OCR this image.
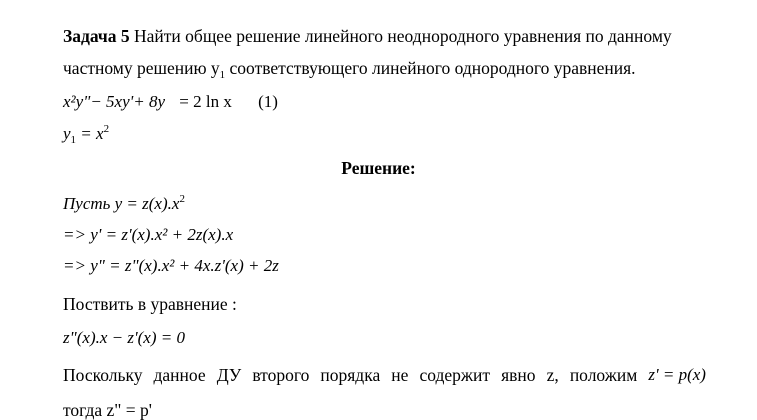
Задача 5 Найти общее решение линейного неоднородного уравнения по данному
частному решению $y_1$ соответствующего линейного однородного уравнения.
x²y"− 5xy'+ 8y = 2 ln x (1)
$y_1 = x^2$
Решение:
Пусть $y = z(x).x^2$
=> y' = z'(x).x² + 2z(x).x
=> y" = z"(x).x² + 4x.z'(x) + 2z
Поствить в уравнение :
z"(x).x − z'(x) = 0
Поскольку данное ДУ второго порядка не содержит явно z, положим z' = p(x)
тогда z" = p'
